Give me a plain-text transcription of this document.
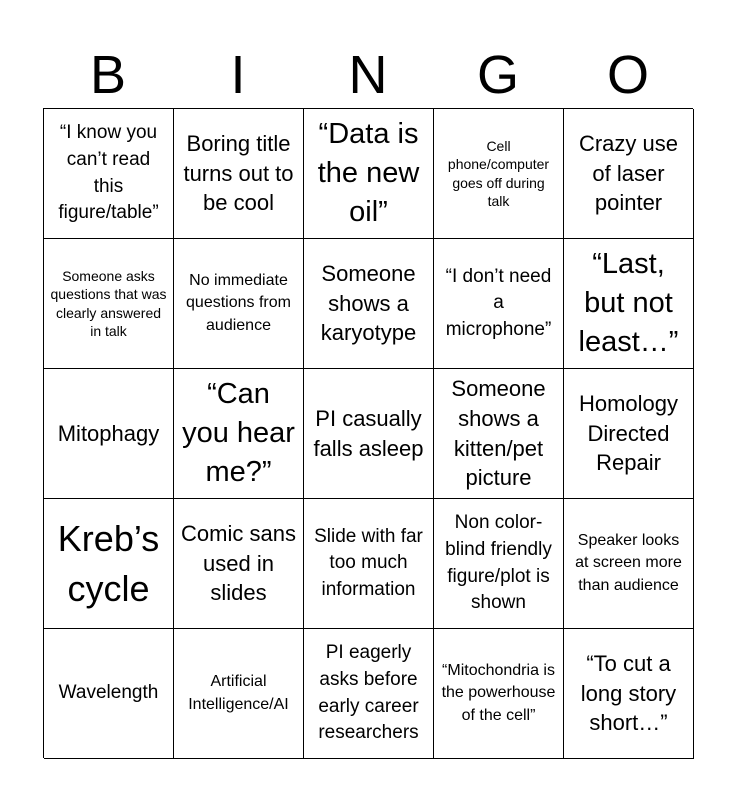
B	I	N	G	O
“I know you can’t read this figure/table”
Boring title turns out to be cool
“Data is the new oil”
Cell phone/computer goes off during talk
Crazy use of laser pointer
Someone asks questions that was clearly answered in talk
No immediate questions from audience
Someone shows a karyotype
“I don’t need a microphone”
“Last, but not least…”
Mitophagy
“Can you hear me?”
PI casually falls asleep
Someone shows a kitten/pet picture
Homology Directed Repair
Kreb’s cycle
Comic sans used in slides
Slide with far too much information
Non color-blind friendly figure/plot is shown
Speaker looks at screen more than audience
Wavelength
Artificial Intelligence/AI
PI eagerly asks before early career researchers
“Mitochondria is the powerhouse of the cell”
“To cut a long story short…”
